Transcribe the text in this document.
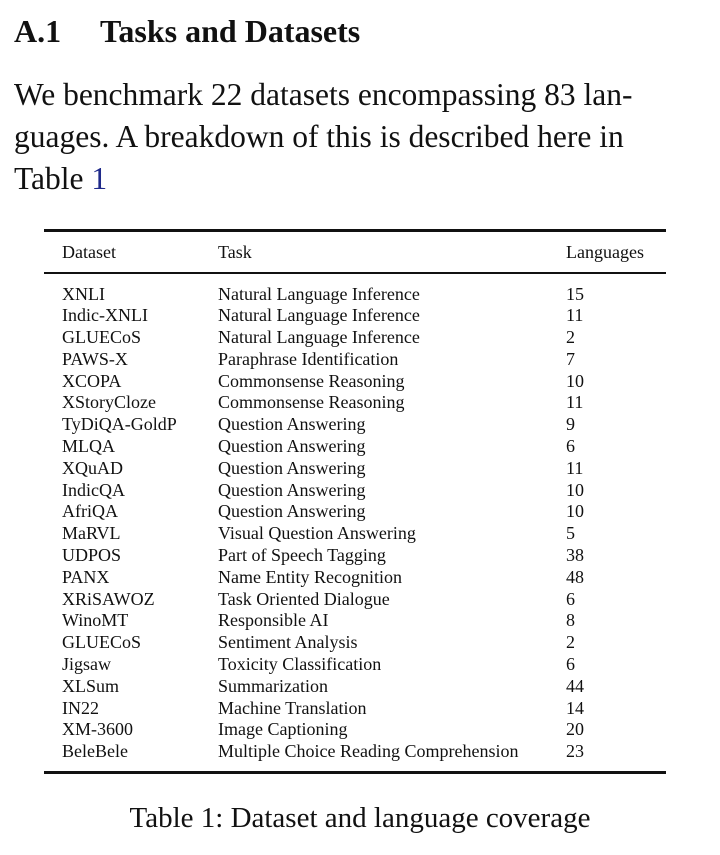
A.1 Tasks and Datasets
We benchmark 22 datasets encompassing 83 lan-
guages. A breakdown of this is described here in
Table 1
Dataset	Task	Languages
XNLI	Natural Language Inference	15
Indic-XNLI	Natural Language Inference	11
GLUECoS	Natural Language Inference	2
PAWS-X	Paraphrase Identification	7
XCOPA	Commonsense Reasoning	10
XStoryCloze	Commonsense Reasoning	11
TyDiQA-GoldP	Question Answering	9
MLQA	Question Answering	6
XQuAD	Question Answering	11
IndicQA	Question Answering	10
AfriQA	Question Answering	10
MaRVL	Visual Question Answering	5
UDPOS	Part of Speech Tagging	38
PANX	Name Entity Recognition	48
XRiSAWOZ	Task Oriented Dialogue	6
WinoMT	Responsible AI	8
GLUECoS	Sentiment Analysis	2
Jigsaw	Toxicity Classification	6
XLSum	Summarization	44
IN22	Machine Translation	14
XM-3600	Image Captioning	20
BeleBele	Multiple Choice Reading Comprehension	23
Table 1: Dataset and language coverage
